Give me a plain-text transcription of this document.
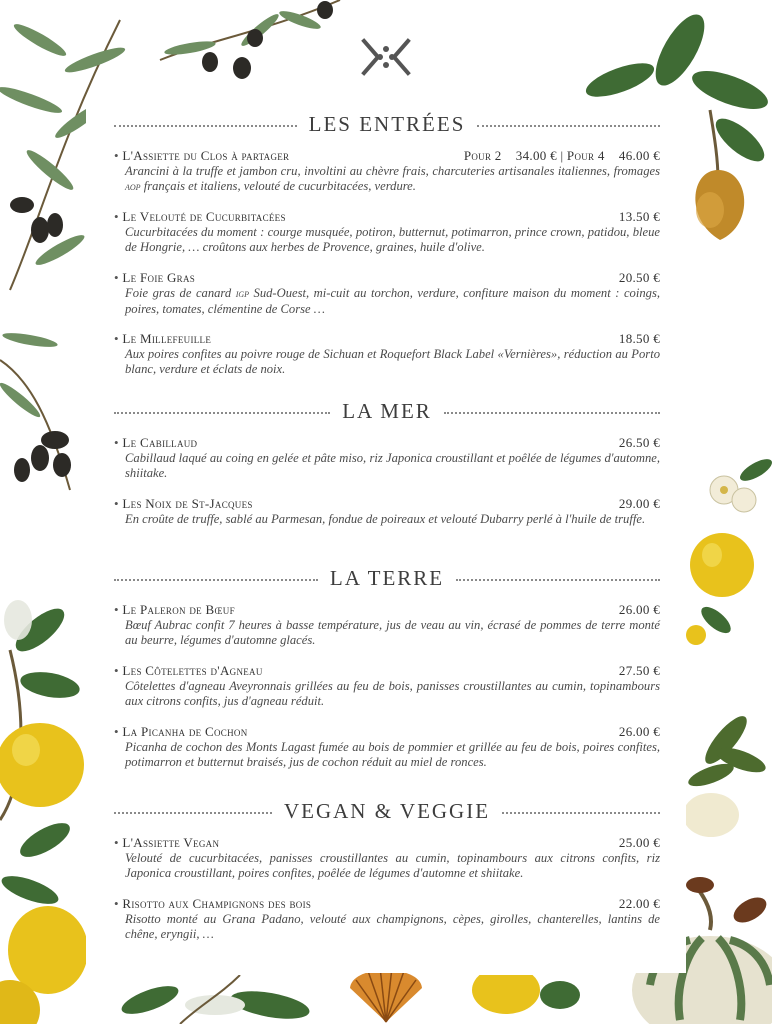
LES ENTRÉES
• L'Assiette du Clos à partager	Pour 2    34.00 € | Pour 4    46.00 €
Arancini à la truffe et jambon cru, involtini au chèvre frais, charcuteries artisanales italiennes, fromages aop français et italiens, velouté de cucurbitacées, verdure.
• Le Velouté de Cucurbitacées	13.50 €
Cucurbitacées du moment : courge musquée, potiron, butternut, potimarron, prince crown, patidou, bleue de Hongrie, … croûtons aux herbes de Provence, graines, huile d'olive.
• Le Foie Gras	20.50 €
Foie gras de canard igp Sud-Ouest, mi-cuit au torchon, verdure, confiture maison du moment : coings, poires, tomates, clémentine de Corse …
• Le Millefeuille	18.50 €
Aux poires confites au poivre rouge de Sichuan et Roquefort Black Label «Vernières», réduction au Porto blanc, verdure et éclats de noix.
LA MER
• Le Cabillaud	26.50 €
Cabillaud laqué au coing en gelée et pâte miso, riz Japonica croustillant et poêlée de légumes d'automne, shiitake.
• Les Noix de St-Jacques	29.00 €
En croûte de truffe, sablé au Parmesan, fondue de poireaux et velouté Dubarry perlé à l'huile de truffe.
LA TERRE
• Le Paleron de Bœuf	26.00 €
Bœuf Aubrac confit 7 heures à basse température, jus de veau au vin, écrasé de pommes de terre monté au beurre, légumes d'automne glacés.
• Les Côtelettes d'Agneau	27.50 €
Côtelettes d'agneau Aveyronnais grillées au feu de bois, panisses croustillantes au cumin, topinambours aux citrons confits, jus d'agneau réduit.
• La Picanha de Cochon	26.00 €
Picanha de cochon des Monts Lagast fumée au bois de pommier et grillée au feu de bois, poires confites, potimarron et butternut braisés, jus de cochon réduit au miel de ronces.
VEGAN & VEGGIE
• L'Assiette Vegan	25.00 €
Velouté de cucurbitacées, panisses croustillantes au cumin, topinambours aux citrons confits, riz Japonica croustillant, poires confites, poêlée de légumes d'automne et shiitake.
• Risotto aux Champignons des bois	22.00 €
Risotto monté au Grana Padano, velouté aux champignons, cèpes, girolles, chanterelles, lantins de chêne, eryngii, …
